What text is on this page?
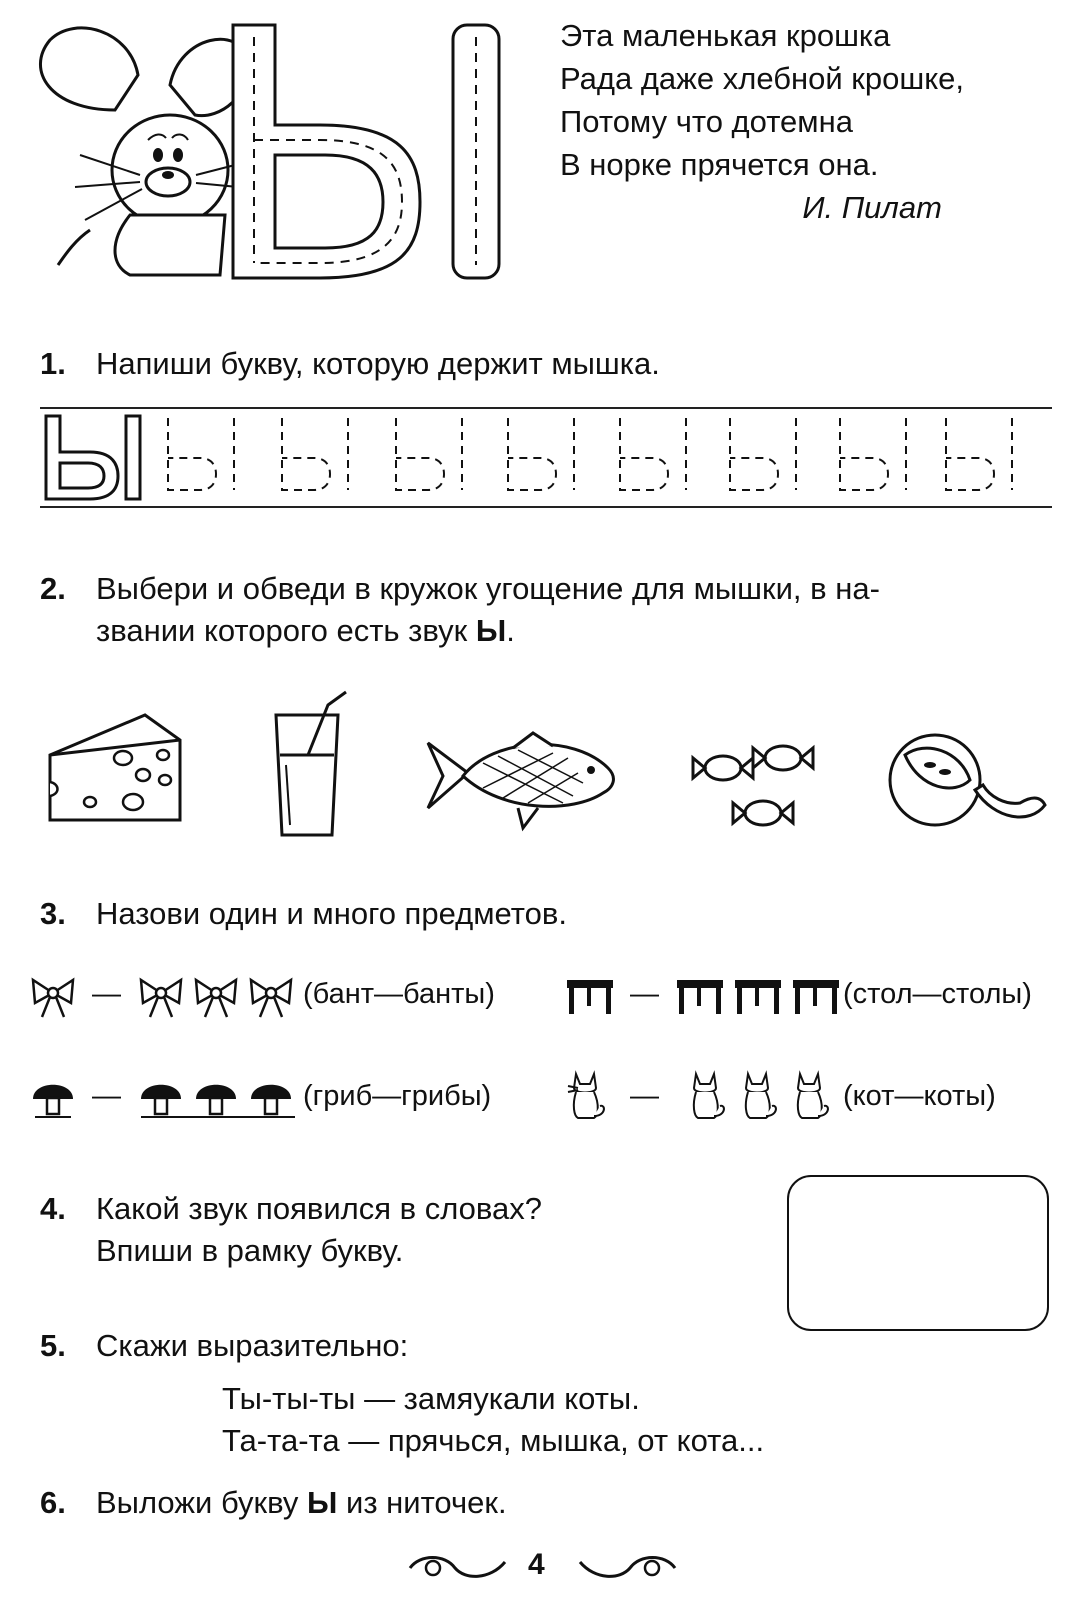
Эта маленькая крошка
Рада даже хлебной крошке,
Потому что дотемна
В норке прячется она.
И. Пилат
1. Напиши букву, которую держит мышка.
2. Выбери и обведи в кружок угощение для мышки, в на-
звании которого есть звук Ы.
3. Назови один и много предметов.
—	(бант—банты)	—	(стол—столы)
—	(гриб—грибы)	—	(кот—коты)
4. Какой звук появился в словах?
Впиши в рамку букву.
5. Скажи выразительно:
Ты-ты-ты — замяукали коты.
Та-та-та — прячься, мышка, от кота...
6. Выложи букву Ы из ниточек.
4
